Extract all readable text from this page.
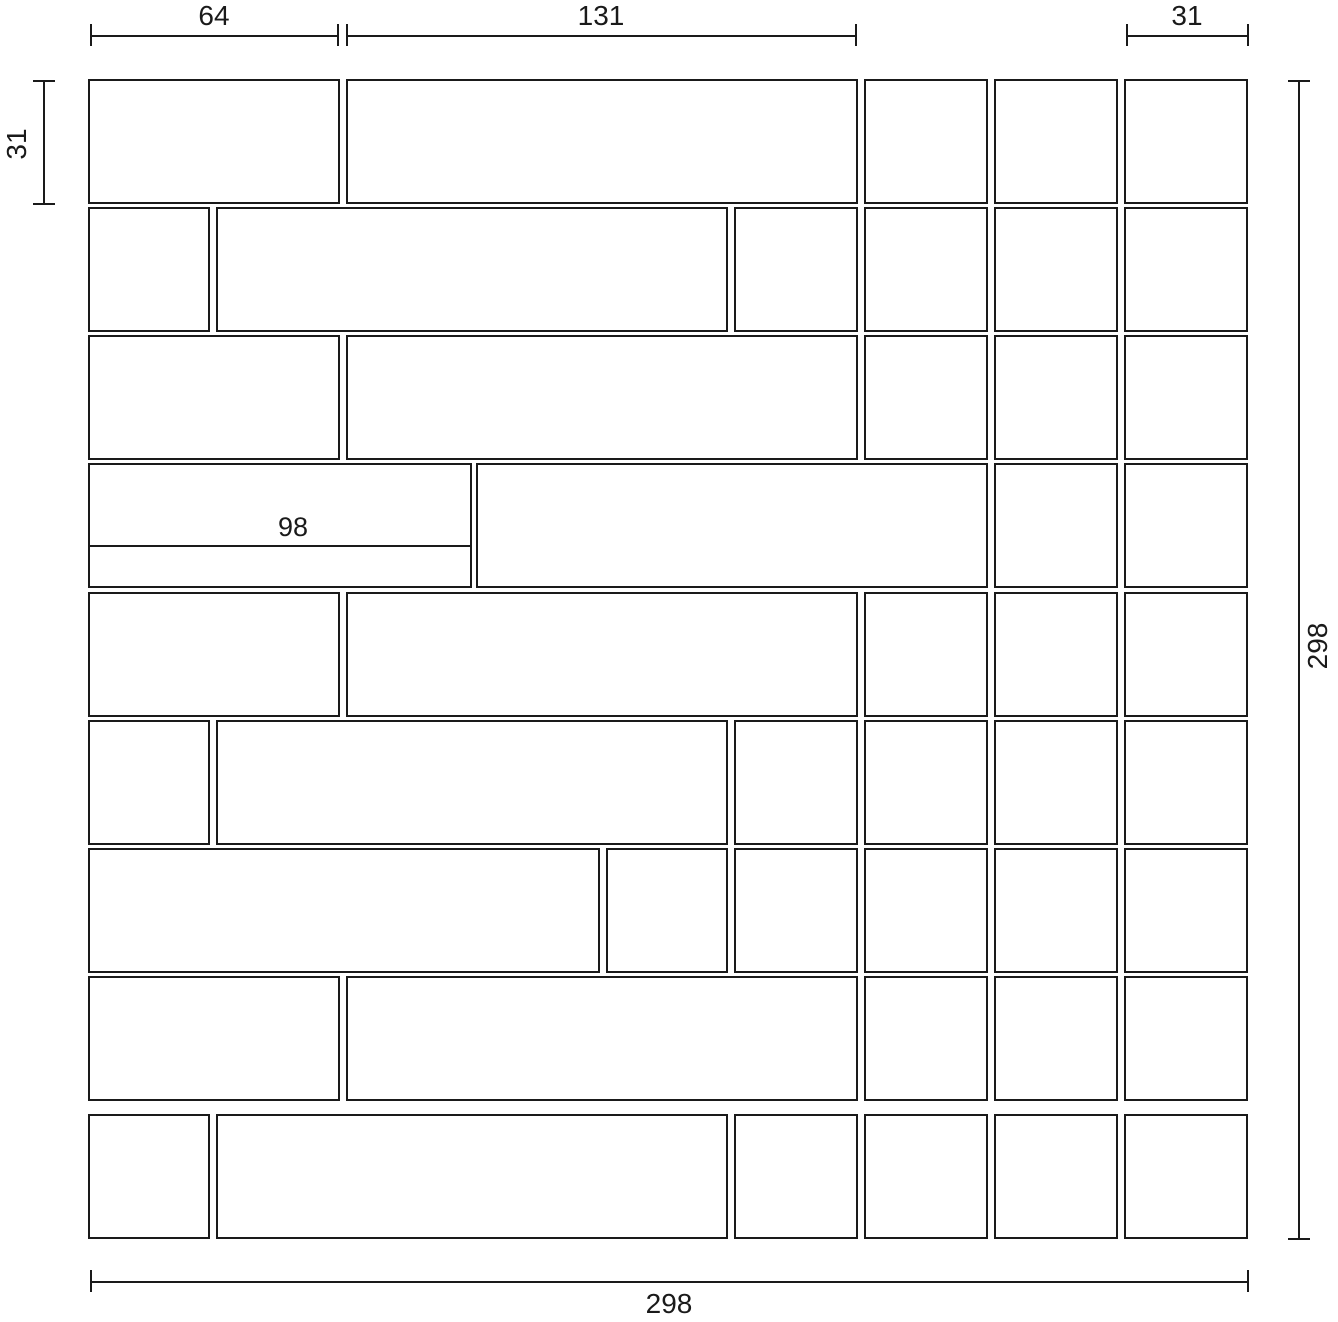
98
64	131	31
31
298
298
